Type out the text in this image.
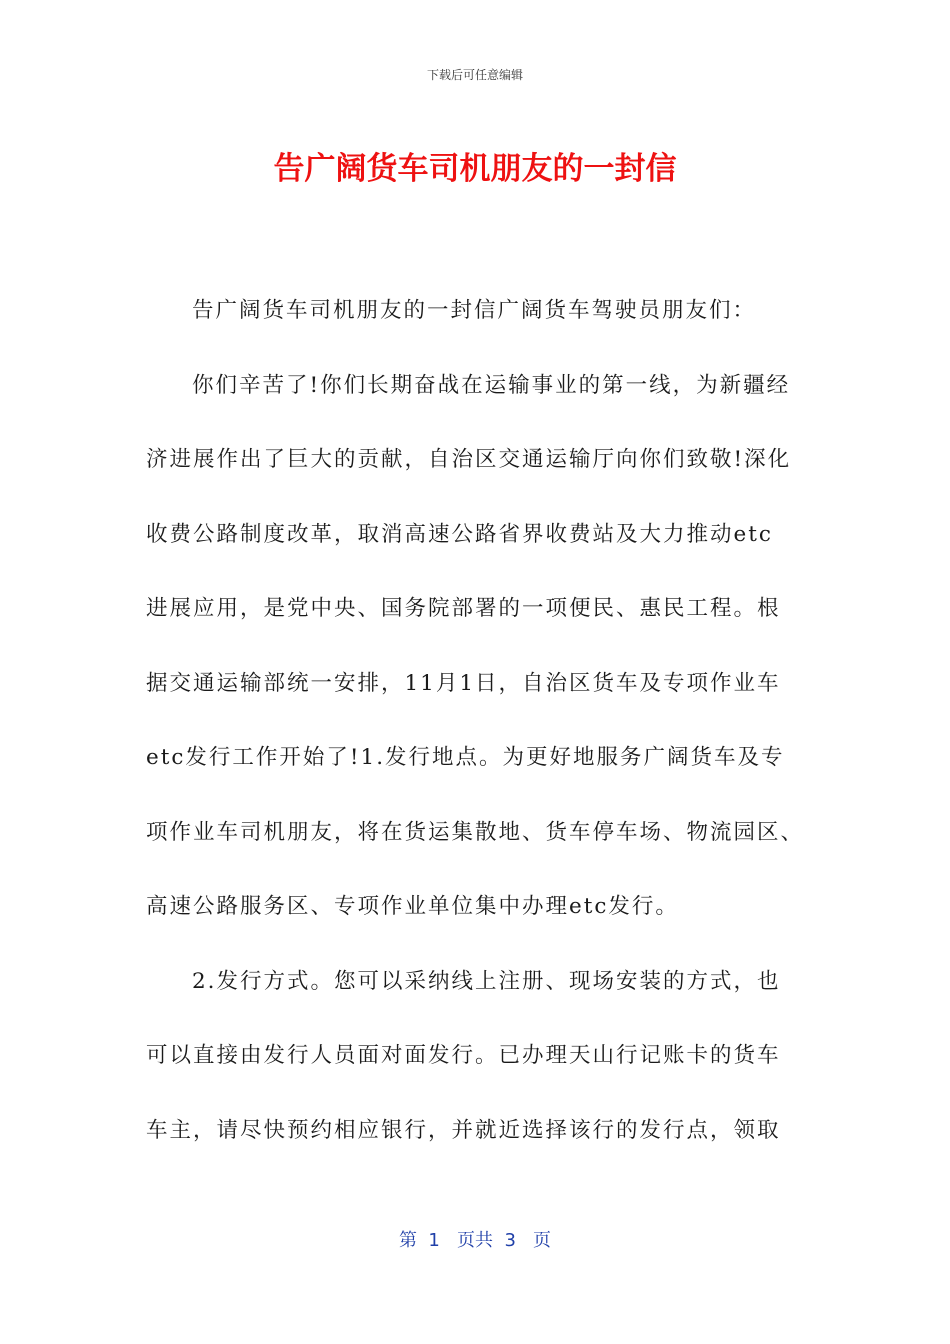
下载后可任意编辑
告广阔货车司机朋友的一封信
告广阔货车司机朋友的一封信广阔货车驾驶员朋友们：
你们辛苦了!你们长期奋战在运输事业的第一线，为新疆经
济进展作出了巨大的贡献，自治区交通运输厅向你们致敬!深化
收费公路制度改革，取消高速公路省界收费站及大力推动etc
进展应用，是党中央、国务院部署的一项便民、惠民工程。根
据交通运输部统一安排，11月1日，自治区货车及专项作业车
etc发行工作开始了!1.发行地点。为更好地服务广阔货车及专
项作业车司机朋友，将在货运集散地、货车停车场、物流园区、
高速公路服务区、专项作业单位集中办理etc发行。
2.发行方式。您可以采纳线上注册、现场安装的方式，也
可以直接由发行人员面对面发行。已办理天山行记账卡的货车
车主，请尽快预约相应银行，并就近选择该行的发行点，领取
第  1   页共  3   页
